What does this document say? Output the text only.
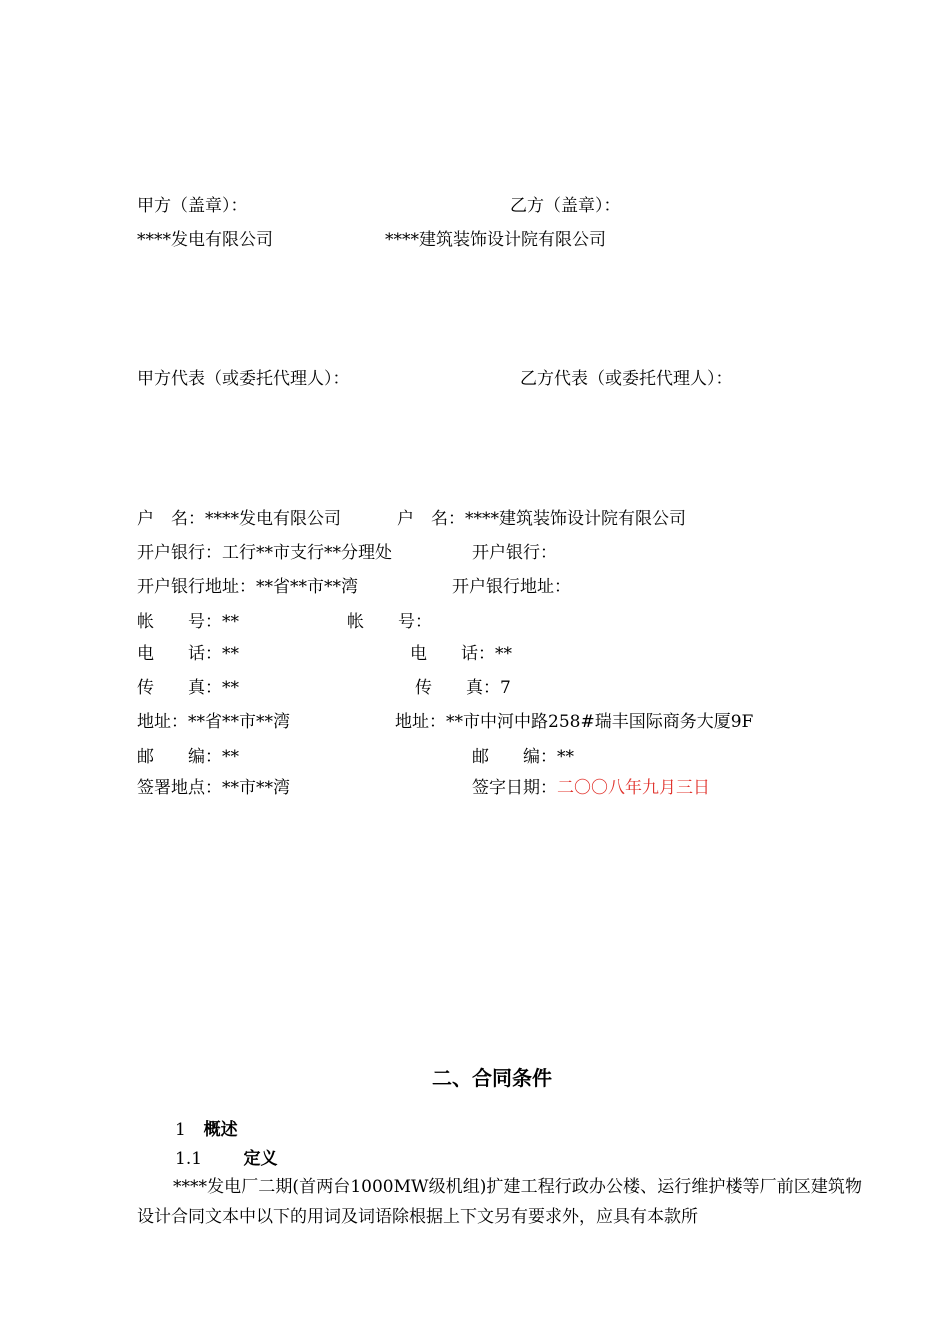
甲方（盖章）：	乙方（盖章）：
****发电有限公司	****建筑装饰设计院有限公司
甲方代表（或委托代理人）：	乙方代表（或委托代理人）：
户　名：****发电有限公司	户　名：****建筑装饰设计院有限公司
开户银行：工行**市支行**分理处	开户银行：
开户银行地址：**省**市**湾	开户银行地址：
帐　　号：**	帐　　号：
电　　话：**	电　　话：**
传　　真：**	传　　真：7
地址：**省**市**湾	地址：**市中河中路258#瑞丰国际商务大厦9F
邮　　编：**	邮　　编：**
签署地点：**市**湾	签字日期：二〇〇八年九月三日
二、合同条件
1 概述
1.1 定义
****发电厂二期(首两台1000MW级机组)扩建工程行政办公楼、运行维护楼等厂前区建筑物设计合同文本中以下的用词及词语除根据上下文另有要求外，应具有本款所
